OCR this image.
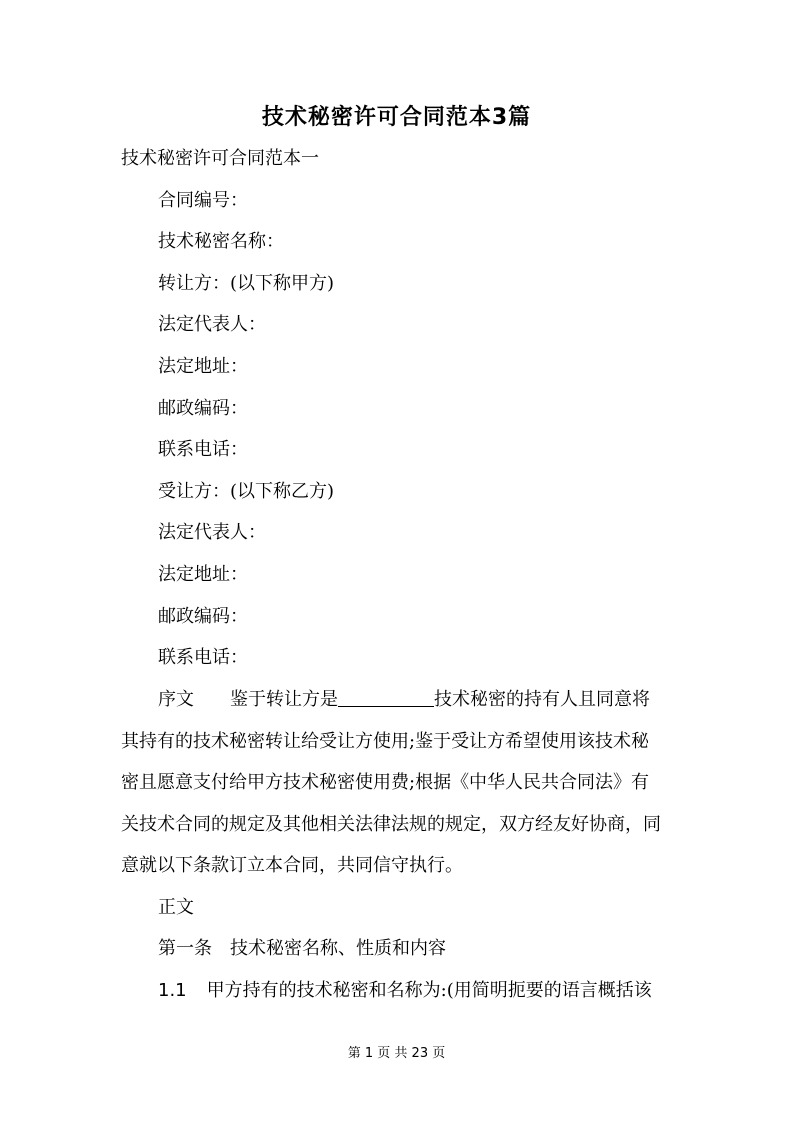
技术秘密许可合同范本3篇
技术秘密许可合同范本一
合同编号：
技术秘密名称：
转让方：(以下称甲方)
法定代表人：
法定地址：
邮政编码：
联系电话：
受让方：(以下称乙方)
法定代表人：
法定地址：
邮政编码：
联系电话：
序文 鉴于转让方是	技术秘密的持有人且同意将
其持有的技术秘密转让给受让方使用;鉴于受让方希望使用该技术秘
密且愿意支付给甲方技术秘密使用费;根据《中华人民共合同法》有
关技术合同的规定及其他相关法律法规的规定，双方经友好协商，同
意就以下条款订立本合同，共同信守执行。
正文
第一条　技术秘密名称、性质和内容
1.1 甲方持有的技术秘密和名称为:(用简明扼要的语言概括该
第 1 页 共 23 页
